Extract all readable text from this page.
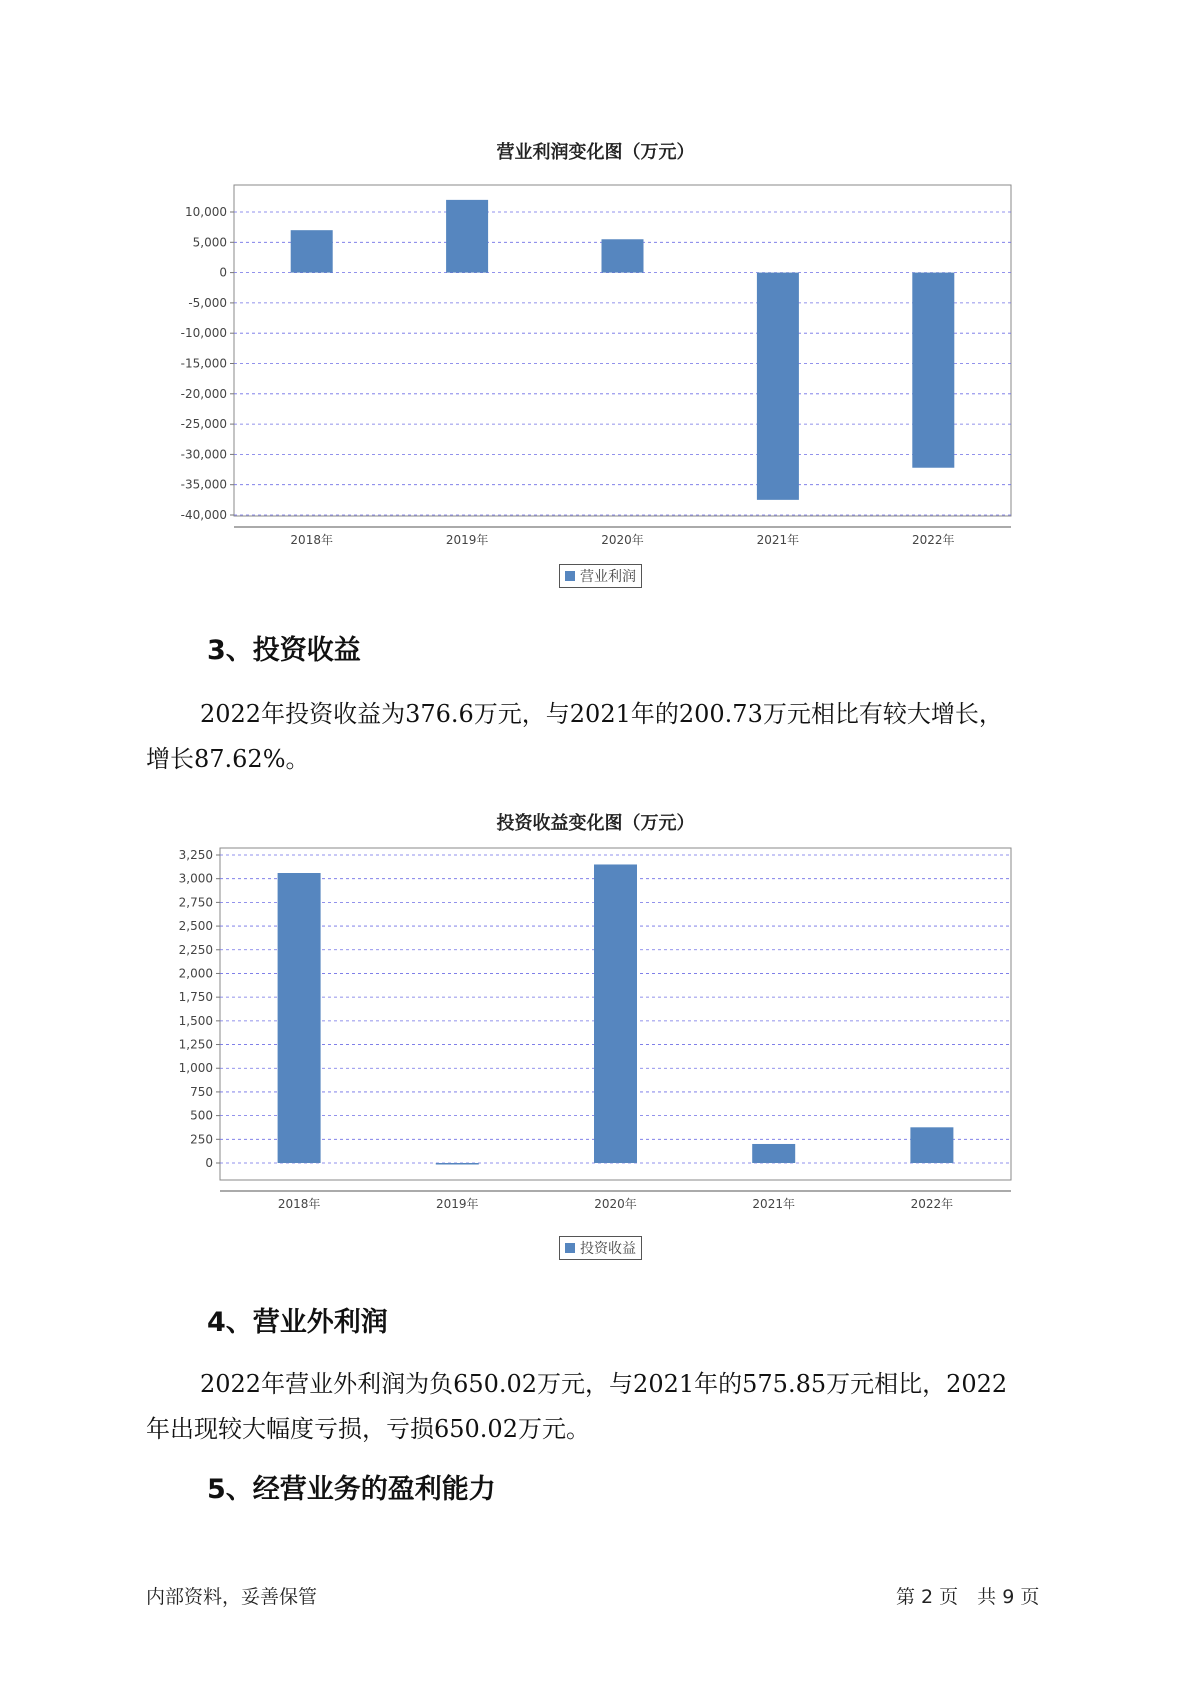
营业利润变化图（万元）
10,000
5,000
0
-5,000
-10,000
-15,000
-20,000
-25,000
-30,000
-35,000
-40,000
2018年	2019年	2020年	2021年	2022年
营业利润
3、投资收益
2022年投资收益为376.6万元，与2021年的200.73万元相比有较大增长，
增长87.62%。
投资收益变化图（万元）
3,250
3,000
2,750
2,500
2,250
2,000
1,750
1,500
1,250
1,000
750
500
250
0
2018年	2019年	2020年	2021年	2022年
投资收益
4、营业外利润
2022年营业外利润为负650.02万元，与2021年的575.85万元相比，2022
年出现较大幅度亏损，亏损650.02万元。
5、经营业务的盈利能力
内部资料，妥善保管	第 2 页　共 9 页
